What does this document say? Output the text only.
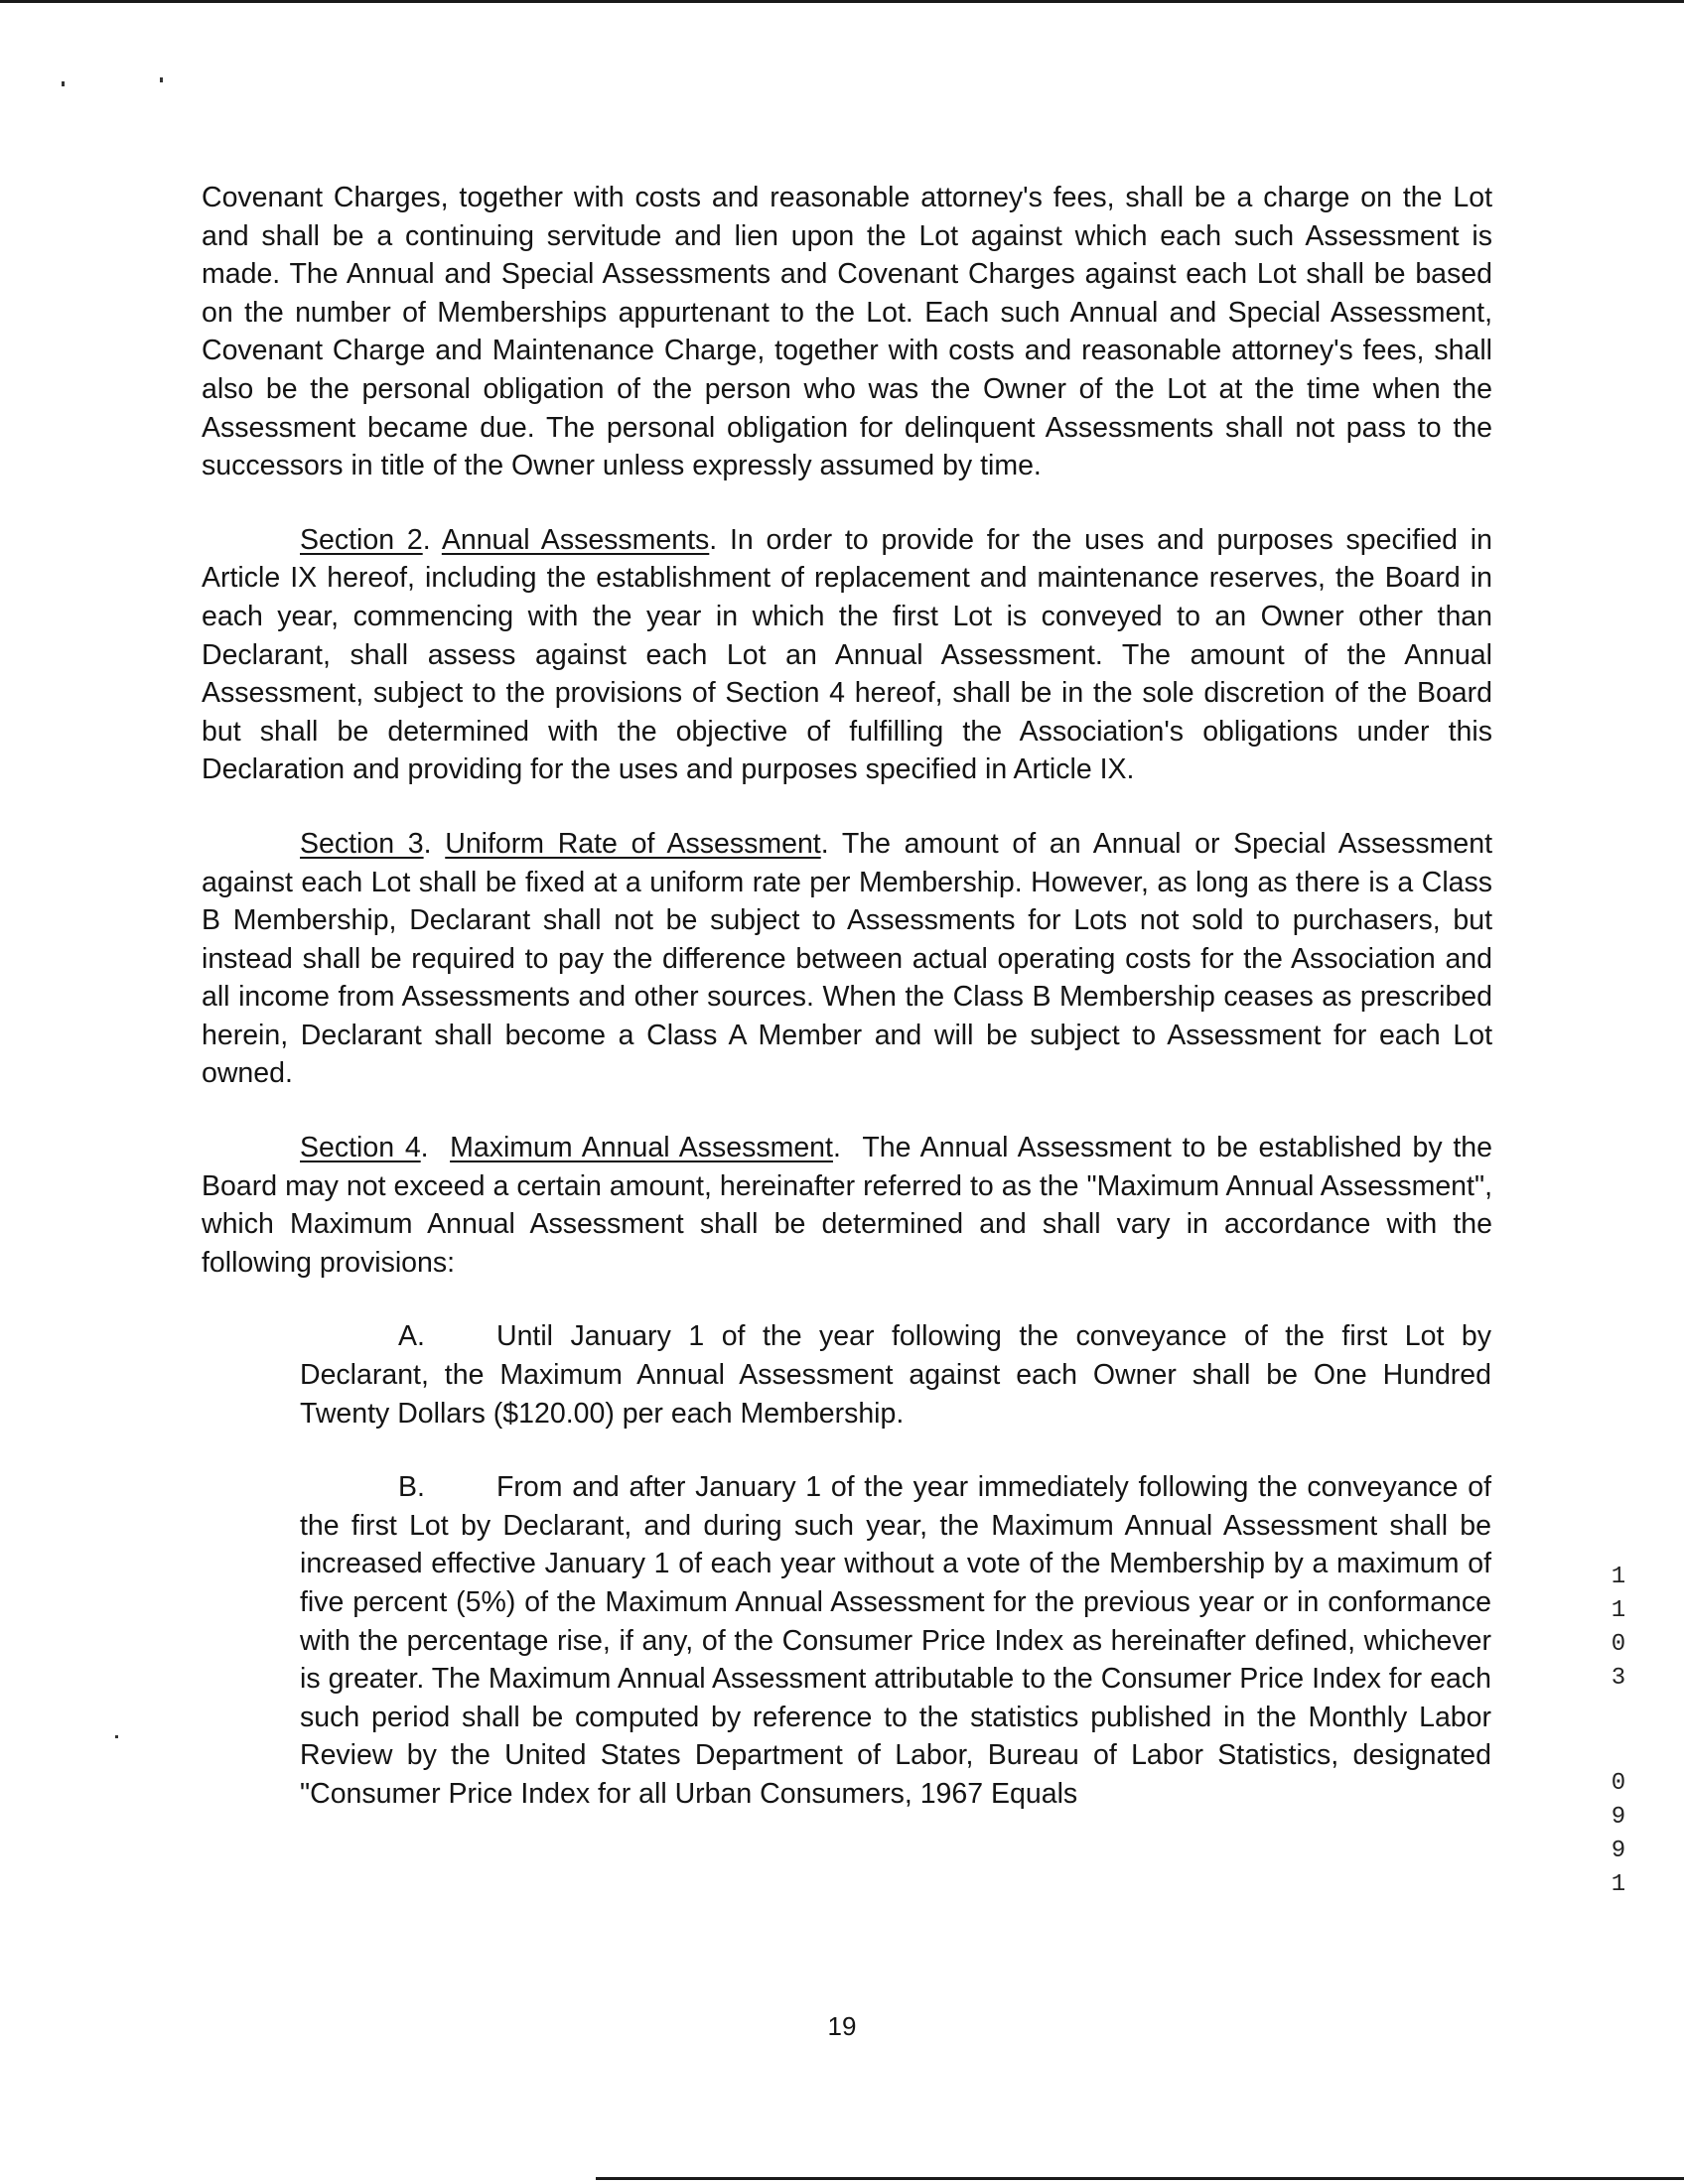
Covenant Charges, together with costs and reasonable attorney's fees, shall be a charge on the Lot and shall be a continuing servitude and lien upon the Lot against which each such Assessment is made. The Annual and Special Assessments and Covenant Charges against each Lot shall be based on the number of Memberships appurtenant to the Lot. Each such Annual and Special Assessment, Covenant Charge and Maintenance Charge, together with costs and reasonable attorney's fees, shall also be the personal obligation of the person who was the Owner of the Lot at the time when the Assessment became due. The personal obligation for delinquent Assessments shall not pass to the successors in title of the Owner unless expressly assumed by time.

Section 2. Annual Assessments. In order to provide for the uses and purposes specified in Article IX hereof, including the establishment of replacement and maintenance reserves, the Board in each year, commencing with the year in which the first Lot is conveyed to an Owner other than Declarant, shall assess against each Lot an Annual Assessment. The amount of the Annual Assessment, subject to the provisions of Section 4 hereof, shall be in the sole discretion of the Board but shall be determined with the objective of fulfilling the Association's obligations under this Declaration and providing for the uses and purposes specified in Article IX.

Section 3. Uniform Rate of Assessment. The amount of an Annual or Special Assessment against each Lot shall be fixed at a uniform rate per Membership. However, as long as there is a Class B Membership, Declarant shall not be subject to Assessments for Lots not sold to purchasers, but instead shall be required to pay the difference between actual operating costs for the Association and all income from Assessments and other sources. When the Class B Membership ceases as prescribed herein, Declarant shall become a Class A Member and will be subject to Assessment for each Lot owned.

Section 4.  Maximum Annual Assessment.  The Annual Assessment to be established by the Board may not exceed a certain amount, hereinafter referred to as the "Maximum Annual Assessment", which Maximum Annual Assessment shall be determined and shall vary in accordance with the following provisions:

A.	Until January 1 of the year following the conveyance of the first Lot by Declarant, the Maximum Annual Assessment against each Owner shall be One Hundred Twenty Dollars ($120.00) per each Membership.

B.	From and after January 1 of the year immediately following the conveyance of the first Lot by Declarant, and during such year, the Maximum Annual Assessment shall be increased effective January 1 of each year without a vote of the Membership by a maximum of five percent (5%) of the Maximum Annual Assessment for the previous year or in conformance with the percentage rise, if any, of the Consumer Price Index as hereinafter defined, whichever is greater. The Maximum Annual Assessment attributable to the Consumer Price Index for each such period shall be computed by reference to the statistics published in the Monthly Labor Review by the United States Department of Labor, Bureau of Labor Statistics, designated "Consumer Price Index for all Urban Consumers, 1967 Equals

19
1103
0991
